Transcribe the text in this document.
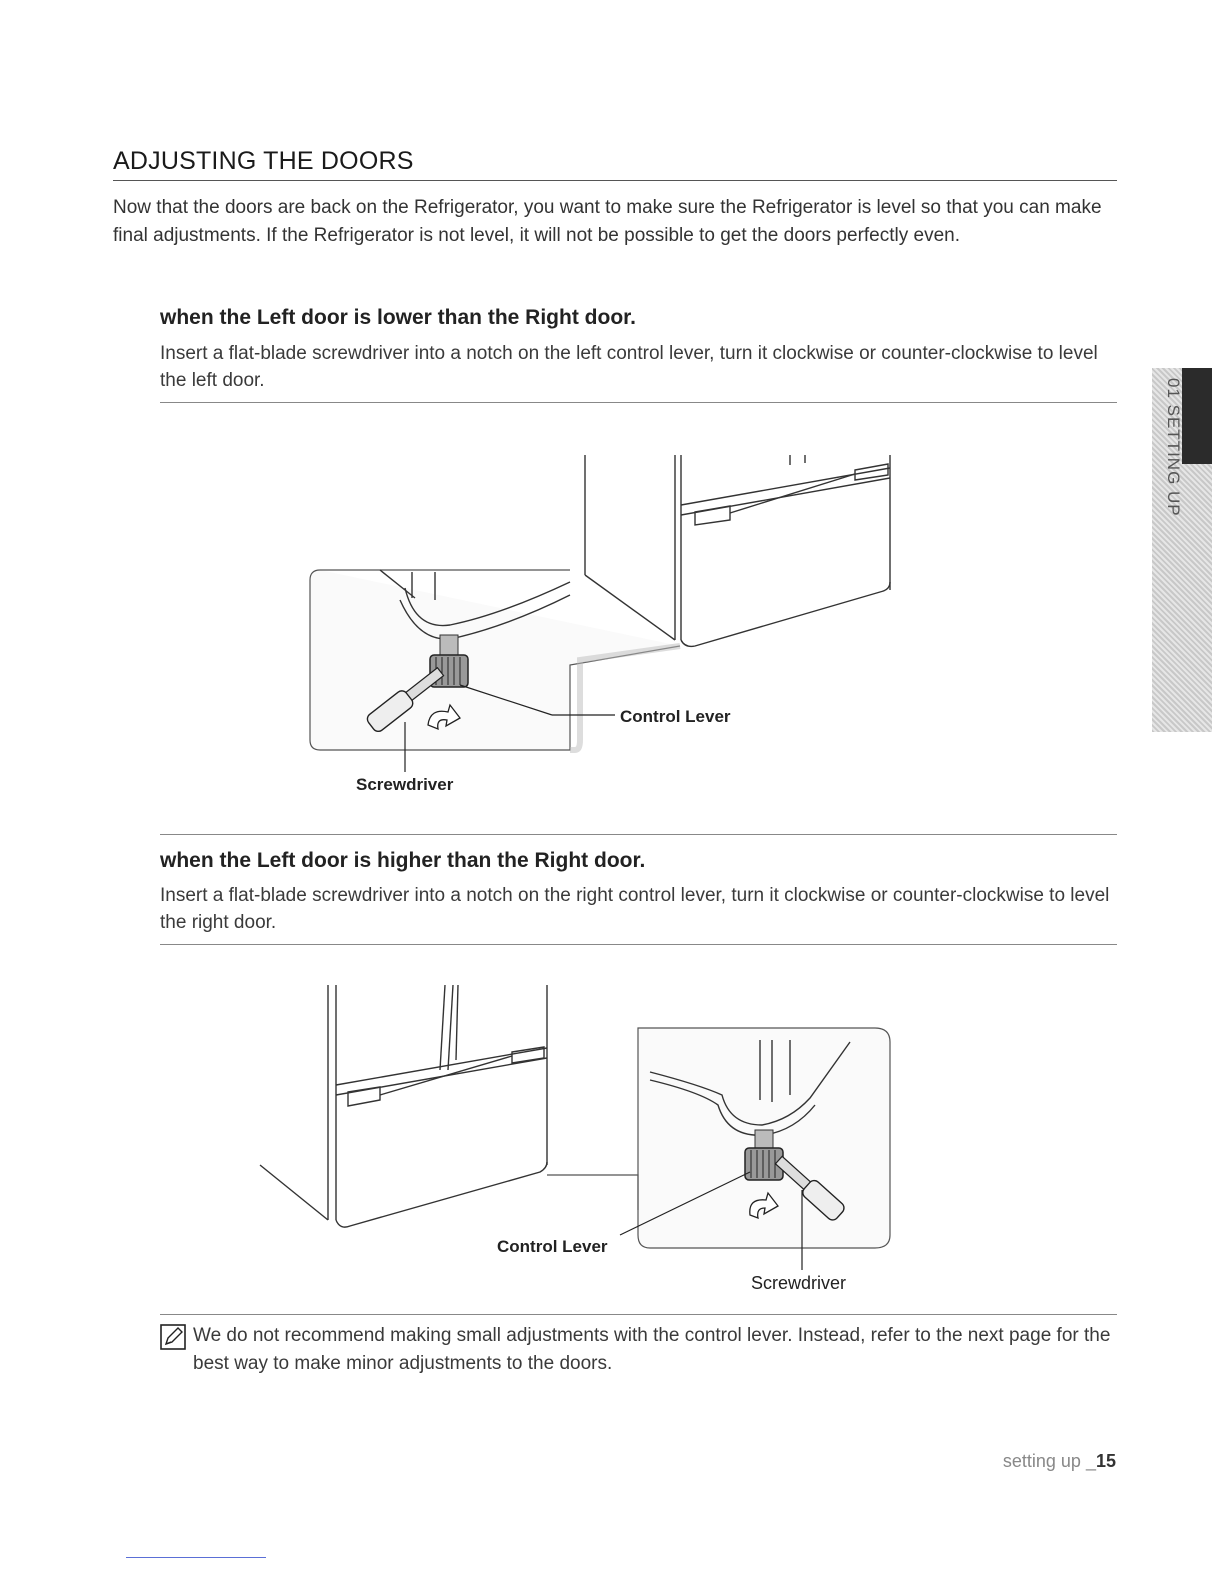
ADJUSTING THE DOORS
Now that the doors are back on the Refrigerator, you want to make sure the Refrigerator is level so that you can make final adjustments. If the Refrigerator is not level, it will not be possible to get the doors perfectly even.
when the Left door is lower than the Right door.
Insert a flat-blade screwdriver into a notch on the left control lever, turn it clockwise or counter-clockwise to level the left door.
Control Lever
Screwdriver
when the Left door is higher than the Right door.
Insert a flat-blade screwdriver into a notch on the right control lever, turn it clockwise or counter-clockwise to level the right door.
Control Lever
Screwdriver
We do not recommend making small adjustments with the control lever. Instead, refer to the next page for the best way to make minor adjustments to the doors.
01 SETTING UP
setting up _15
